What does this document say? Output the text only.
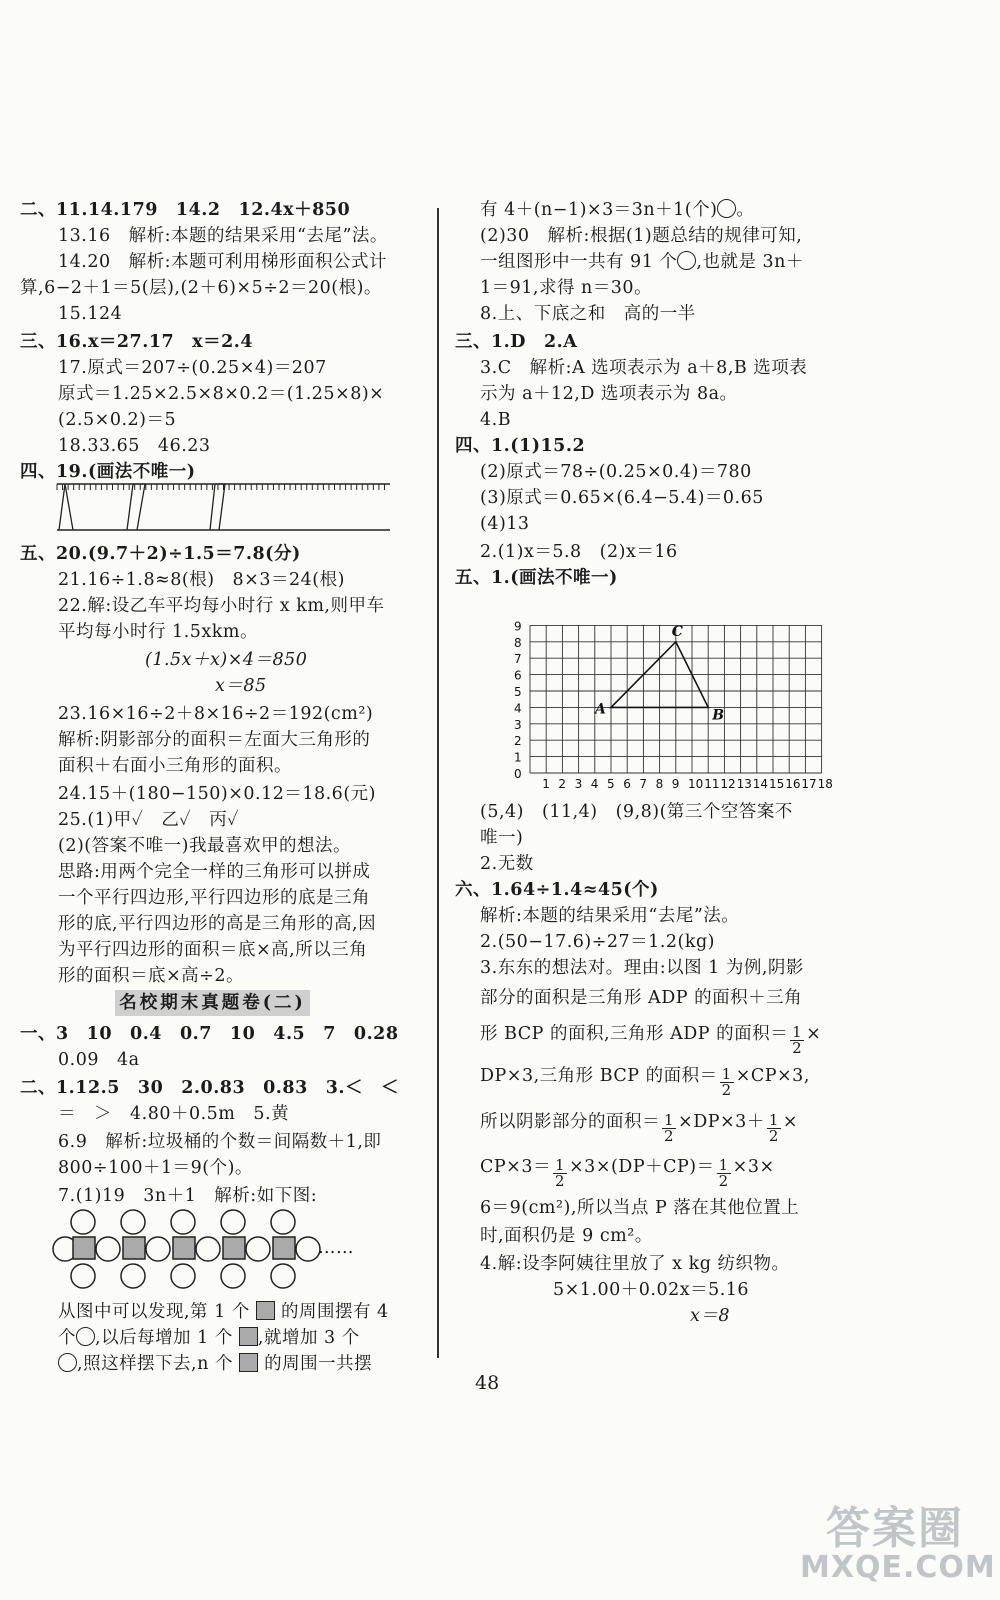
二、11.14.179　14.2　12.4x＋850
13.16　解析:本题的结果采用“去尾”法。
14.20　解析:本题可利用梯形面积公式计
算,6−2＋1＝5(层),(2＋6)×5÷2＝20(根)。
15.124
三、16.x＝27.17　x＝2.4
17.原式＝207÷(0.25×4)＝207
原式＝1.25×2.5×8×0.2＝(1.25×8)×
(2.5×0.2)＝5
18.33.65　46.23
四、19.(画法不唯一)
五、20.(9.7＋2)÷1.5＝7.8(分)
21.16÷1.8≈8(根)　8×3＝24(根)
22.解:设乙车平均每小时行 x km,则甲车
平均每小时行 1.5xkm。
(1.5x＋x)×4＝850
x＝85
23.16×16÷2＋8×16÷2＝192(cm²)
解析:阴影部分的面积＝左面大三角形的
面积＋右面小三角形的面积。
24.15＋(180−150)×0.12＝18.6(元)
25.(1)甲✓　乙✓　丙✓
(2)(答案不唯一)我最喜欢甲的想法。
思路:用两个完全一样的三角形可以拼成
一个平行四边形,平行四边形的底是三角
形的底,平行四边形的高是三角形的高,因
为平行四边形的面积＝底×高,所以三角
形的面积＝底×高÷2。
名校期末真题卷(二)
一、3　10　0.4　0.7　10　4.5　7　0.28
0.09　4a
二、1.12.5　30　2.0.83　0.83　3.＜　＜
＝　＞　4.80＋0.5m　5.黄
6.9　解析:垃圾桶的个数＝间隔数＋1,即
800÷100＋1＝9(个)。
7.(1)19　3n＋1　解析:如下图:
……
从图中可以发现,第 1 个 的周围摆有 4
个 ,以后每增加 1 个 ,就增加 3 个
,照这样摆下去,n 个 的周围一共摆
有 4＋(n−1)×3＝3n＋1(个) 。
(2)30　解析:根据(1)题总结的规律可知,
一组图形中一共有 91 个 ,也就是 3n＋
1＝91,求得 n＝30。
8.上、下底之和　高的一半
三、1.D　2.A
3.C　解析:A 选项表示为 a＋8,B 选项表
示为 a＋12,D 选项表示为 8a。
4.B
四、1.(1)15.2
(2)原式＝78÷(0.25×0.4)＝780
(3)原式＝0.65×(6.4−5.4)＝0.65
(4)13
2.(1)x＝5.8　(2)x＝16
五、1.(画法不唯一)
1 2 3 4 5 6 7 8 9 10 11 12 13 14 15 16 17 18
0
1
2
3
4
5
6
7
8
9
A	B
C
(5,4)　(11,4)　(9,8)(第三个空答案不
唯一)
2.无数
六、1.64÷1.4≈45(个)
解析:本题的结果采用“去尾”法。
2.(50−17.6)÷27＝1.2(kg)
3.东东的想法对。理由:以图 1 为例,阴影
部分的面积是三角形 ADP 的面积＋三角
形 BCP 的面积,三角形 ADP 的面积＝ $\frac{1}{2}$ ×
DP×3,三角形 BCP 的面积＝ $\frac{1}{2} \times CP\times 3$,
所以阴影部分的面积＝ $\frac{1}{2} \times DP\times 3+ \frac{1}{2}$ ×
$CP\times 3= \frac{1}{2} \times 3\times(DP+CP)= \frac{1}{2} \times 3\times$
6＝9(cm²),所以当点 P 落在其他位置上
时,面积仍是 9 cm²。
4.解:设李阿姨往里放了 x kg 纺织物。
5×1.00＋0.02x＝5.16
x＝8
48
答案圈
MXQE.COM
